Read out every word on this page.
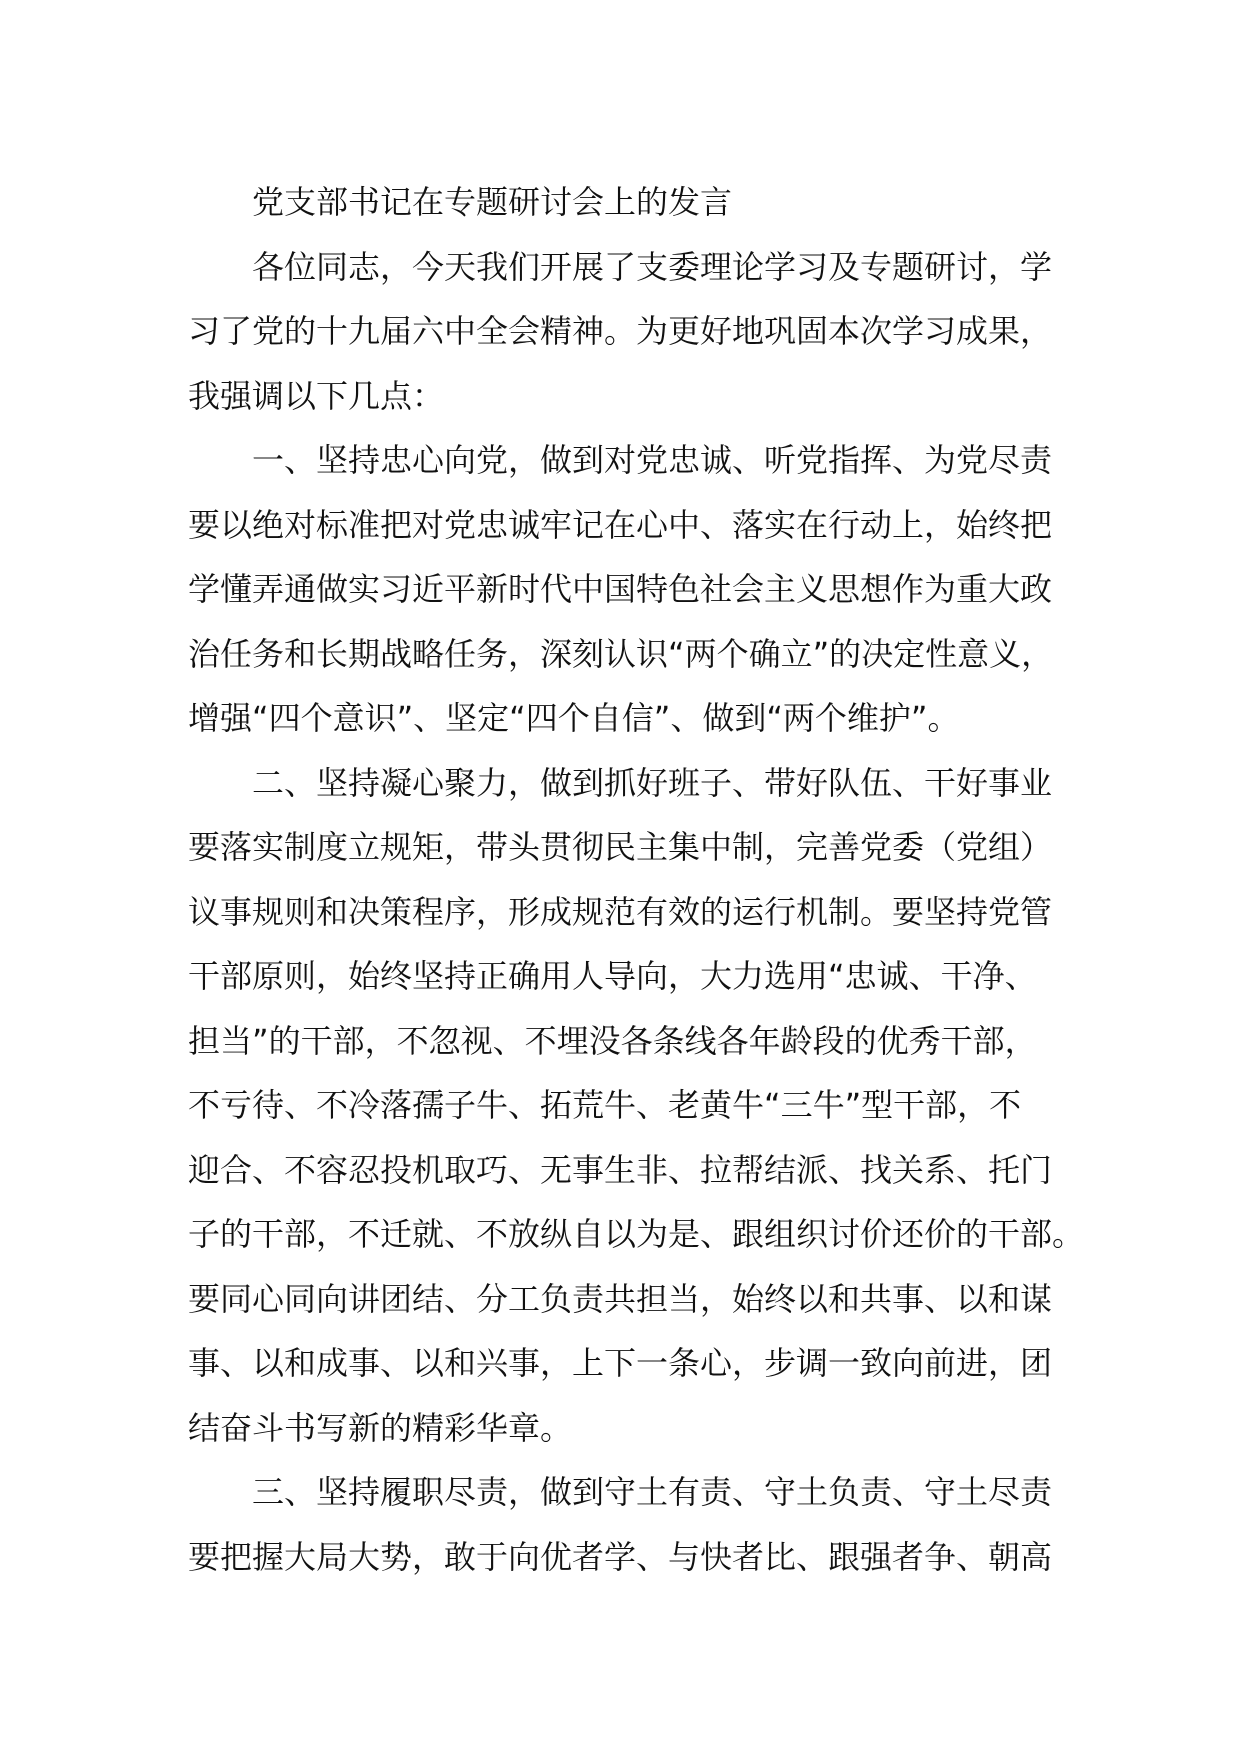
党支部书记在专题研讨会上的发言
各位同志，今天我们开展了支委理论学习及专题研讨，学
习了党的十九届六中全会精神。为更好地巩固本次学习成果，
我强调以下几点：
一、坚持忠心向党，做到对党忠诚、听党指挥、为党尽责
要以绝对标准把对党忠诚牢记在心中、落实在行动上，始终把
学懂弄通做实习近平新时代中国特色社会主义思想作为重大政
治任务和长期战略任务，深刻认识“两个确立”的决定性意义，
增强“四个意识”、坚定“四个自信”、做到“两个维护”。
二、坚持凝心聚力，做到抓好班子、带好队伍、干好事业
要落实制度立规矩，带头贯彻民主集中制，完善党委（党组）
议事规则和决策程序，形成规范有效的运行机制。要坚持党管
干部原则，始终坚持正确用人导向，大力选用“忠诚、干净、
担当”的干部，不忽视、不埋没各条线各年龄段的优秀干部，
不亏待、不冷落孺子牛、拓荒牛、老黄牛“三牛”型干部，不
迎合、不容忍投机取巧、无事生非、拉帮结派、找关系、托门
子的干部，不迁就、不放纵自以为是、跟组织讨价还价的干部。
要同心同向讲团结、分工负责共担当，始终以和共事、以和谋
事、以和成事、以和兴事，上下一条心，步调一致向前进，团
结奋斗书写新的精彩华章。
三、坚持履职尽责，做到守土有责、守土负责、守土尽责
要把握大局大势，敢于向优者学、与快者比、跟强者争、朝高
